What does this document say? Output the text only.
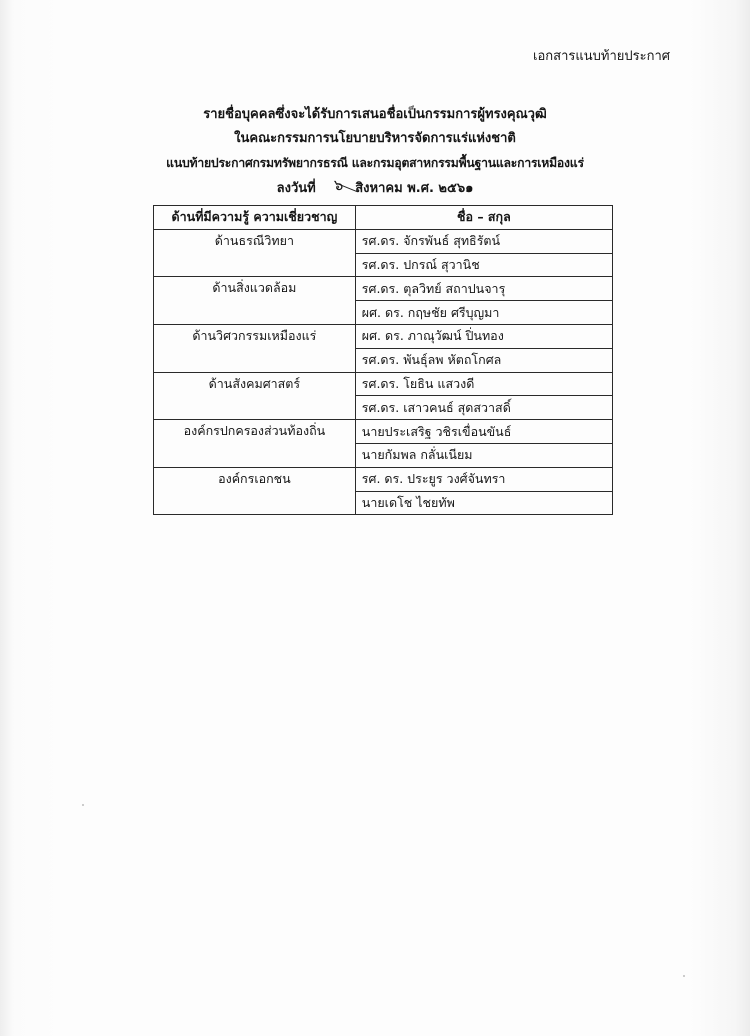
เอกสารแนบท้ายประกาศ
รายชื่อบุคคลซึ่งจะได้รับการเสนอชื่อเป็นกรรมการผู้ทรงคุณวุฒิ
ในคณะกรรมการนโยบายบริหารจัดการแร่แห่งชาติ
แนบท้ายประกาศกรมทรัพยากรธรณี และกรมอุตสาหกรรมพื้นฐานและการเหมืองแร่
ลงวันที่ ๖ สิงหาคม พ.ศ. ๒๕๖๑
ด้านที่มีความรู้ ความเชี่ยวชาญ	ชื่อ – สกุล
ด้านธรณีวิทยา	รศ.ดร. จักรพันธ์ สุทธิรัตน์
	รศ.ดร. ปกรณ์ สุวานิช
ด้านสิ่งแวดล้อม	รศ.ดร. ตุลวิทย์ สถาปนจารุ
	ผศ. ดร. กฤษชัย ศรีบุญมา
ด้านวิศวกรรมเหมืองแร่	ผศ. ดร. ภาณุวัฒน์ ปิ่นทอง
	รศ.ดร. พันธ์ุลพ หัตถโกศล
ด้านสังคมศาสตร์	รศ.ดร. โยธิน แสวงดี
	รศ.ดร. เสาวคนธ์ สุดสวาสดิ์
องค์กรปกครองส่วนท้องถิ่น	นายประเสริฐ วชิรเขื่อนขันธ์
	นายกัมพล กลั่นเนียม
องค์กรเอกชน	รศ. ดร. ประยูร วงศ์จันทรา
	นายเดโช ไชยทัพ
